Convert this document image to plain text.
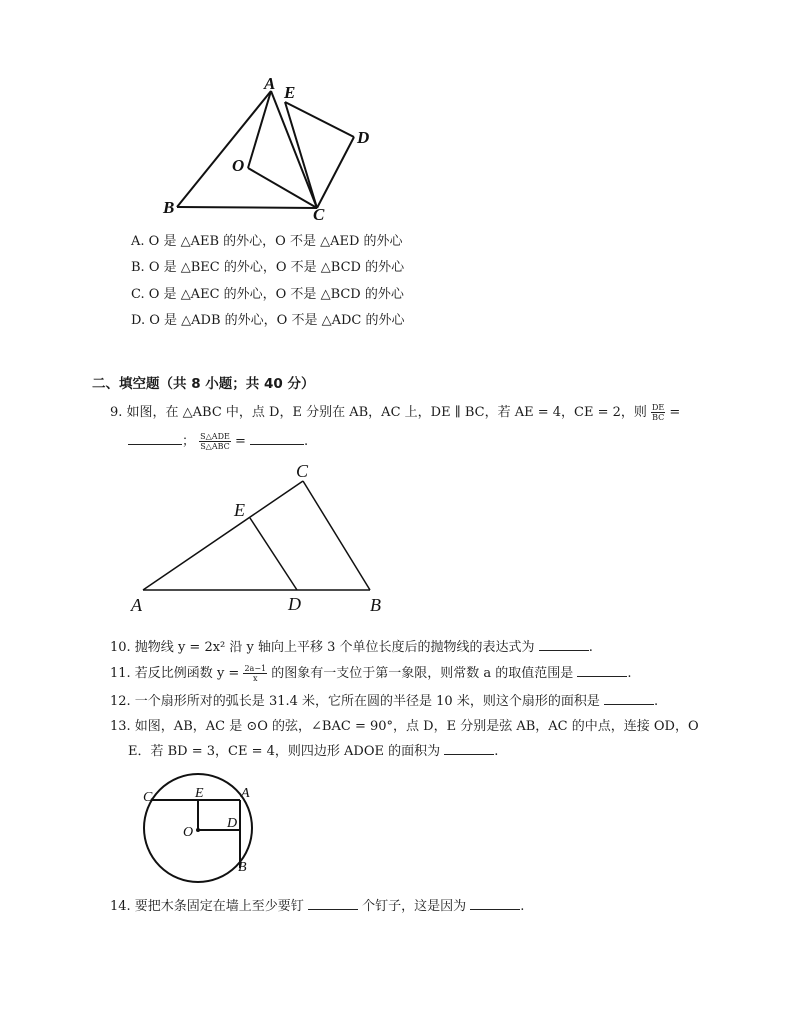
A E
D
O
B	C
A. O 是 △AEB 的外心，O 不是 △AED 的外心
B. O 是 △BEC 的外心，O 不是 △BCD 的外心
C. O 是 △AEC 的外心，O 不是 △BCD 的外心
D. O 是 △ADB 的外心，O 不是 △ADC 的外心
二、填空题（共 8 小题；共 40 分）
9. 如图，在 △ABC 中，点 D，E 分别在 AB，AC 上，DE ∥ BC，若 AE = 4，CE = 2，则 $\frac{DE}{BC}$ =
； $\frac{\text{S△ADE}}{\text{S△ABC}}$ =	.
A	D	B
C
E
10. 抛物线 y = 2x² 沿 y 轴向上平移 3 个单位长度后的抛物线的表达式为	.
11. 若反比例函数 $y = \frac{2a-1}{x}$ 的图象有一支位于第一象限，则常数 a 的取值范围是	.
12. 一个扇形所对的弧长是 31.4 米，它所在圆的半径是 10 米，则这个扇形的面积是	.
13. 如图，AB，AC 是 ⊙O 的弦，∠BAC = 90°，点 D，E 分别是弦 AB，AC 的中点，连接 OD，O
E．若 BD = 3，CE = 4，则四边形 ADOE 的面积为	.
C	E	A
O
D
B
14. 要把木条固定在墙上至少要钉	个钉子，这是因为	.
